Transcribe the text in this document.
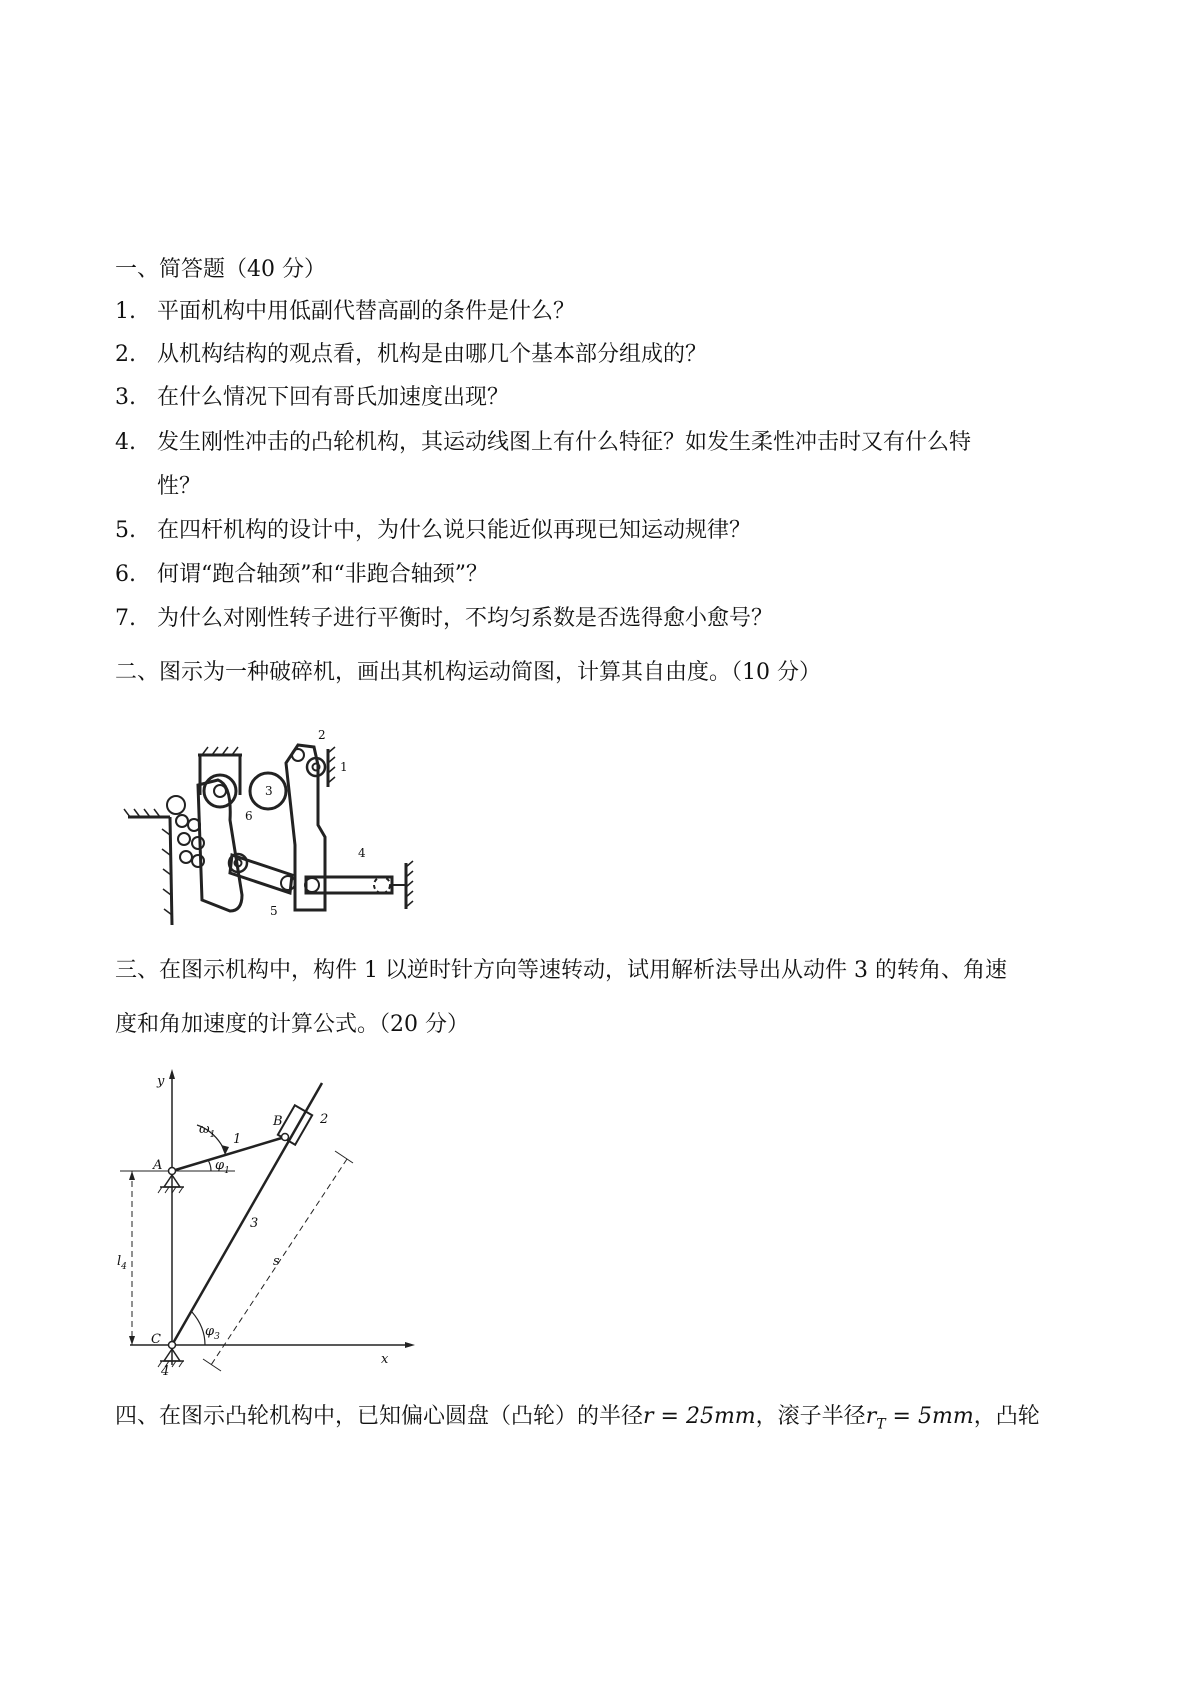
一、简答题（40 分）
1. 平面机构中用低副代替高副的条件是什么？
2. 从机构结构的观点看，机构是由哪几个基本部分组成的？
3. 在什么情况下回有哥氏加速度出现？
4. 发生刚性冲击的凸轮机构，其运动线图上有什么特征？如发生柔性冲击时又有什么特
性？
5. 在四杆机构的设计中，为什么说只能近似再现已知运动规律？
6. 何谓“跑合轴颈”和“非跑合轴颈”？
7. 为什么对刚性转子进行平衡时，不均匀系数是否选得愈小愈号？
二、图示为一种破碎机，画出其机构运动简图，计算其自由度。（10 分）
1
2
3
4
5
6
三、在图示机构中，构件 1 以逆时针方向等速转动，试用解析法导出从动件 3 的转角、角速
度和角加速度的计算公式。（20 分）
y
x
A
B
C
$\omega_1$
$\varphi_1$
$\varphi_3$
$l_4$	s
1
2
3
4
四、在图示凸轮机构中，已知偏心圆盘（凸轮）的半径r = 25mm，滚子半径$r_T = 5mm$，凸轮
